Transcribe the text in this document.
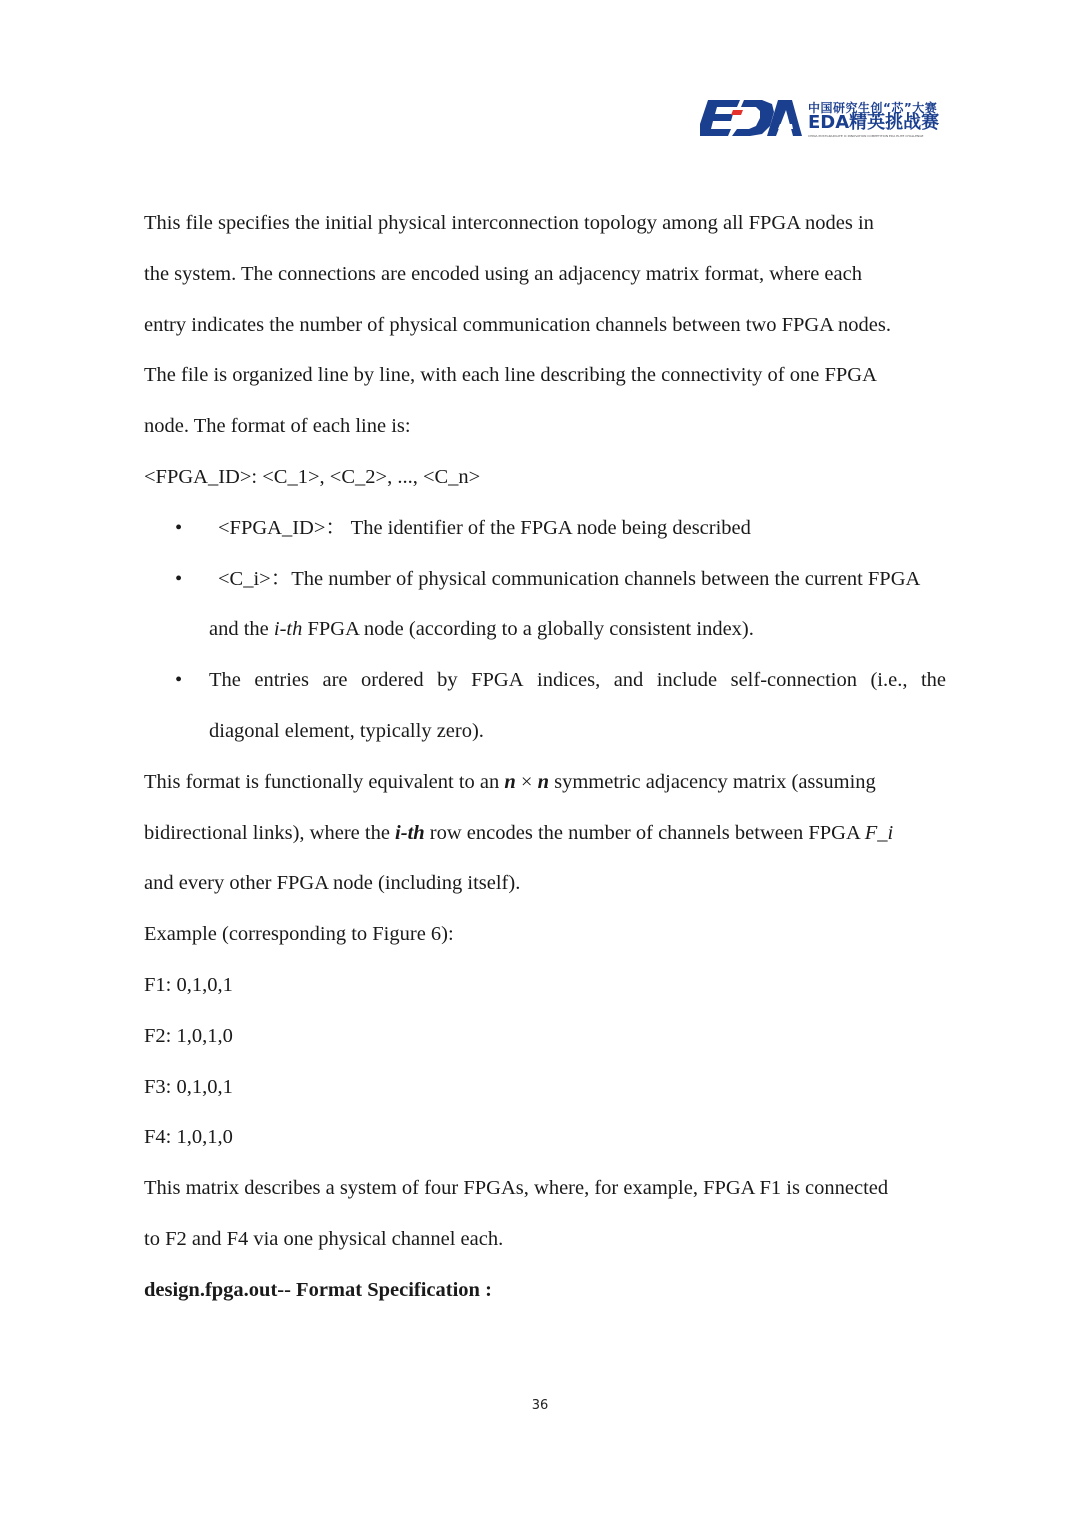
中国研究生创“芯”大赛
EDA精英挑战赛
CHINA POSTGRADUATE IC INNOVATION COMPETITION EDA ELITE CHALLENGE
This file specifies the initial physical interconnection topology among all FPGA nodes in
the system. The connections are encoded using an adjacency matrix format, where each
entry indicates the number of physical communication channels between two FPGA nodes.
The file is organized line by line, with each line describing the connectivity of one FPGA
node. The format of each line is:
<FPGA_ID>: <C_1>, <C_2>, ..., <C_n>
• <FPGA_ID>： The identifier of the FPGA node being described
• <C_i>：The number of physical communication channels between the current FPGA
and the i-th FPGA node (according to a globally consistent index).
• The entries are ordered by FPGA indices, and include self-connection (i.e., the
diagonal element, typically zero).
This format is functionally equivalent to an n × n symmetric adjacency matrix (assuming
bidirectional links), where the i-th row encodes the number of channels between FPGA F_i
and every other FPGA node (including itself).
Example (corresponding to Figure 6):
F1: 0,1,0,1
F2: 1,0,1,0
F3: 0,1,0,1
F4: 1,0,1,0
This matrix describes a system of four FPGAs, where, for example, FPGA F1 is connected
to F2 and F4 via one physical channel each.
design.fpga.out-- Format Specification :
36
